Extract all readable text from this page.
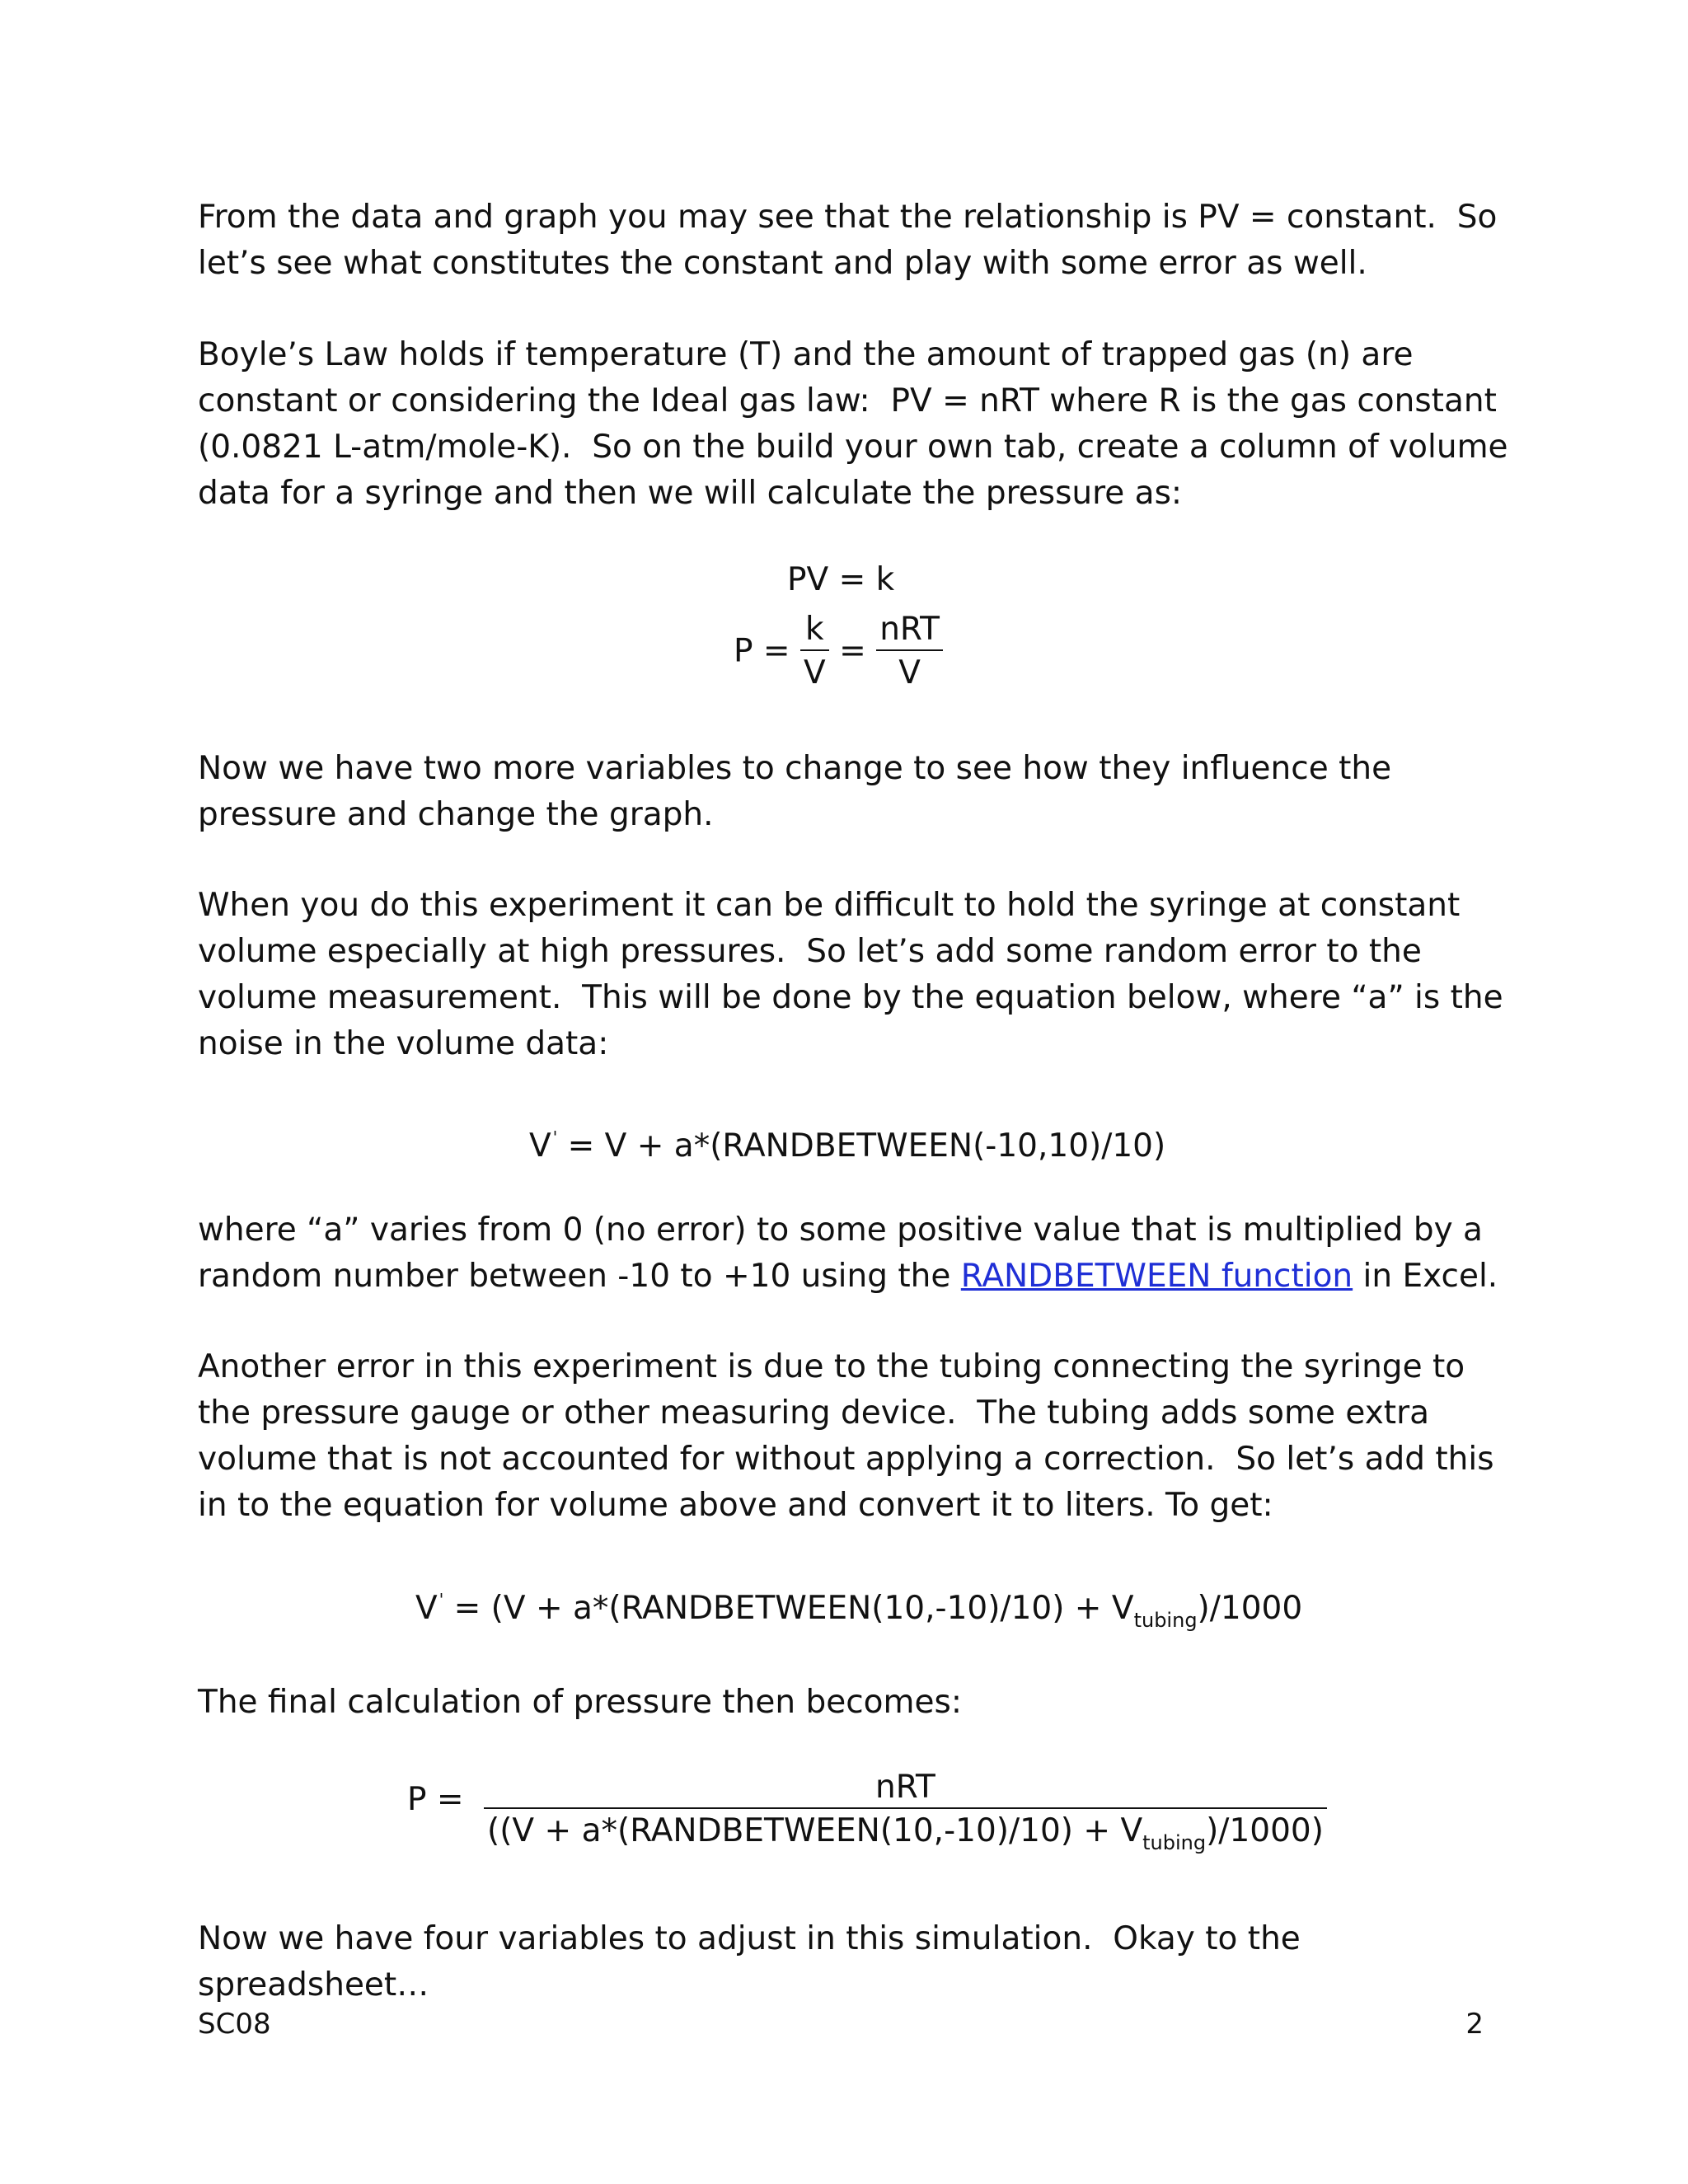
From the data and graph you may see that the relationship is PV = constant.  So let’s see what constitutes the constant and play with some error as well.

Boyle’s Law holds if temperature (T) and the amount of trapped gas (n) are constant or considering the Ideal gas law:  PV = nRT where R is the gas constant (0.0821 L-atm/mole-K).  So on the build your own tab, create a column of volume data for a syringe and then we will calculate the pressure as:

PV = k
$P = \frac{k}{V} = \frac{\text{nRT}}{V}$

Now we have two more variables to change to see how they influence the pressure and change the graph.

When you do this experiment it can be difficult to hold the syringe at constant volume especially at high pressures.  So let’s add some random error to the volume measurement.  This will be done by the equation below, where “a” is the noise in the volume data:

V ' = V + a*(RANDBETWEEN(-10,10)/10)

where “a” varies from 0 (no error) to some positive value that is multiplied by a random number between -10 to +10 using the RANDBETWEEN function in Excel.

Another error in this experiment is due to the tubing connecting the syringe to the pressure gauge or other measuring device.  The tubing adds some extra volume that is not accounted for without applying a correction.  So let’s add this in to the equation for volume above and convert it to liters. To get:

V ' = (V + a*(RANDBETWEEN(10,-10)/10) + $V_{tubing})/1000$

The final calculation of pressure then becomes:

$P = \frac{\text{nRT}}{((V + a*(RANDBETWEEN(10,-10)/10) + V_{tubing})/1000)}$

Now we have four variables to adjust in this simulation.  Okay to the spreadsheet…

SC08	2
